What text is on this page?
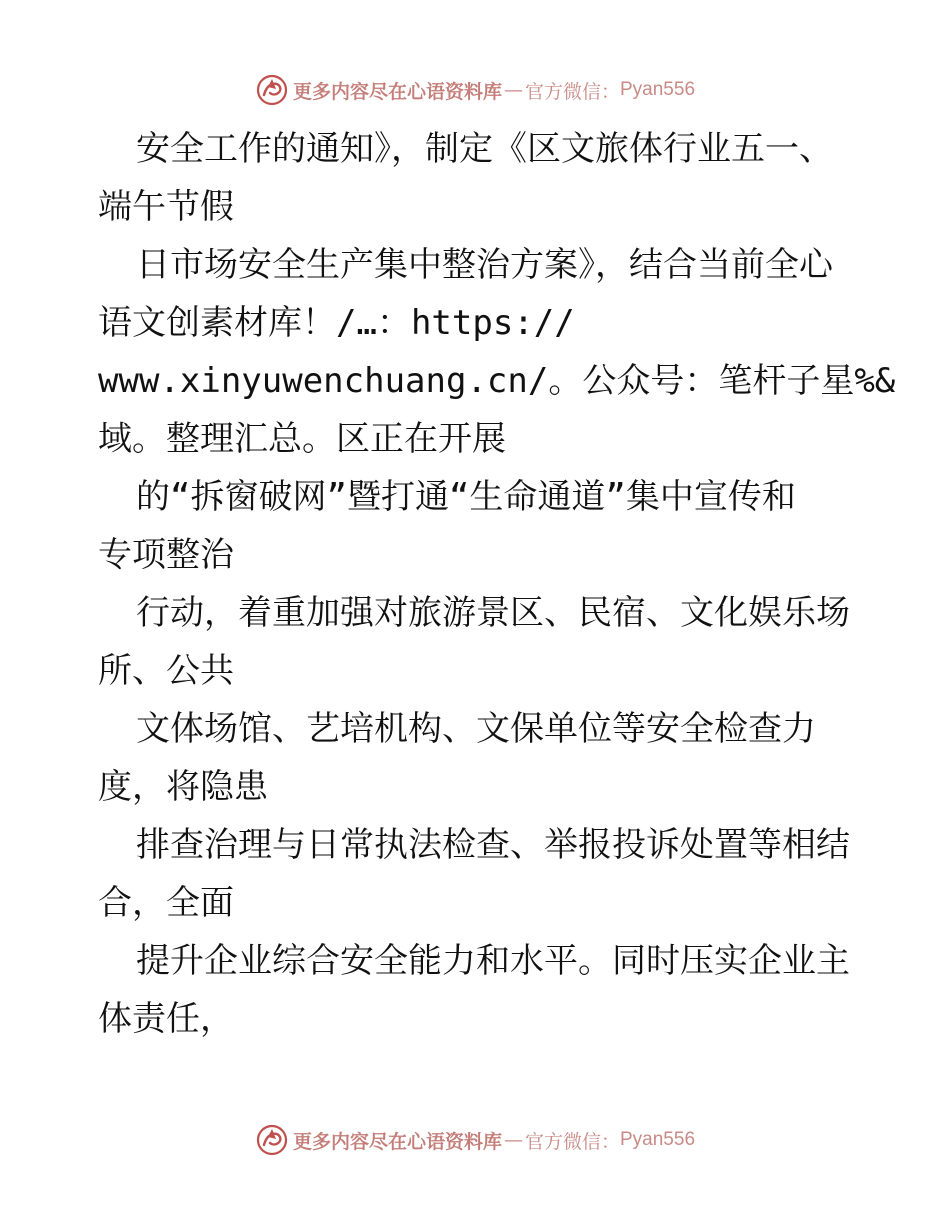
更多内容尽在心语资料库 — 官方微信： Pyan556
安全工作的通知》，制定《区文旅体行业五一、
端午节假
日市场安全生产集中整治方案》，结合当前全心
语文创素材库！/…：https://
www.xinyuwenchuang.cn/。公众号：笔杆子星%&
域。整理汇总。区正在开展
的“拆窗破网”暨打通“生命通道”集中宣传和
专项整治
行动，着重加强对旅游景区、民宿、文化娱乐场
所、公共
文体场馆、艺培机构、文保单位等安全检查力
度，将隐患
排查治理与日常执法检查、举报投诉处置等相结
合，全面
提升企业综合安全能力和水平。同时压实企业主
体责任，
更多内容尽在心语资料库 — 官方微信： Pyan556
